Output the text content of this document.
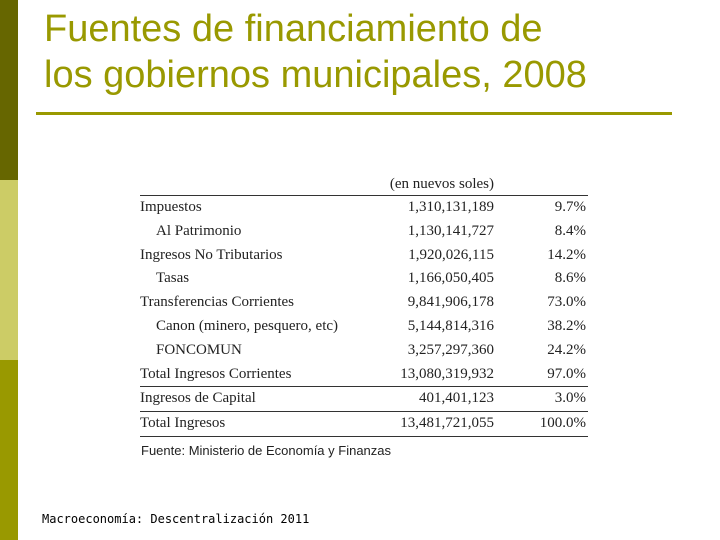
Fuentes de financiamiento de
los gobiernos municipales, 2008
	(en nuevos soles)	
Impuestos	1,310,131,189	9.7%
Al Patrimonio	1,130,141,727	8.4%
Ingresos No Tributarios	1,920,026,115	14.2%
Tasas	1,166,050,405	8.6%
Transferencias Corrientes	9,841,906,178	73.0%
Canon (minero, pesquero, etc)	5,144,814,316	38.2%
FONCOMUN	3,257,297,360	24.2%
Total Ingresos Corrientes	13,080,319,932	97.0%
Ingresos de Capital	401,401,123	3.0%
Total Ingresos	13,481,721,055	100.0%
Fuente: Ministerio de Economía y Finanzas
Macroeconomía: Descentralización 2011
